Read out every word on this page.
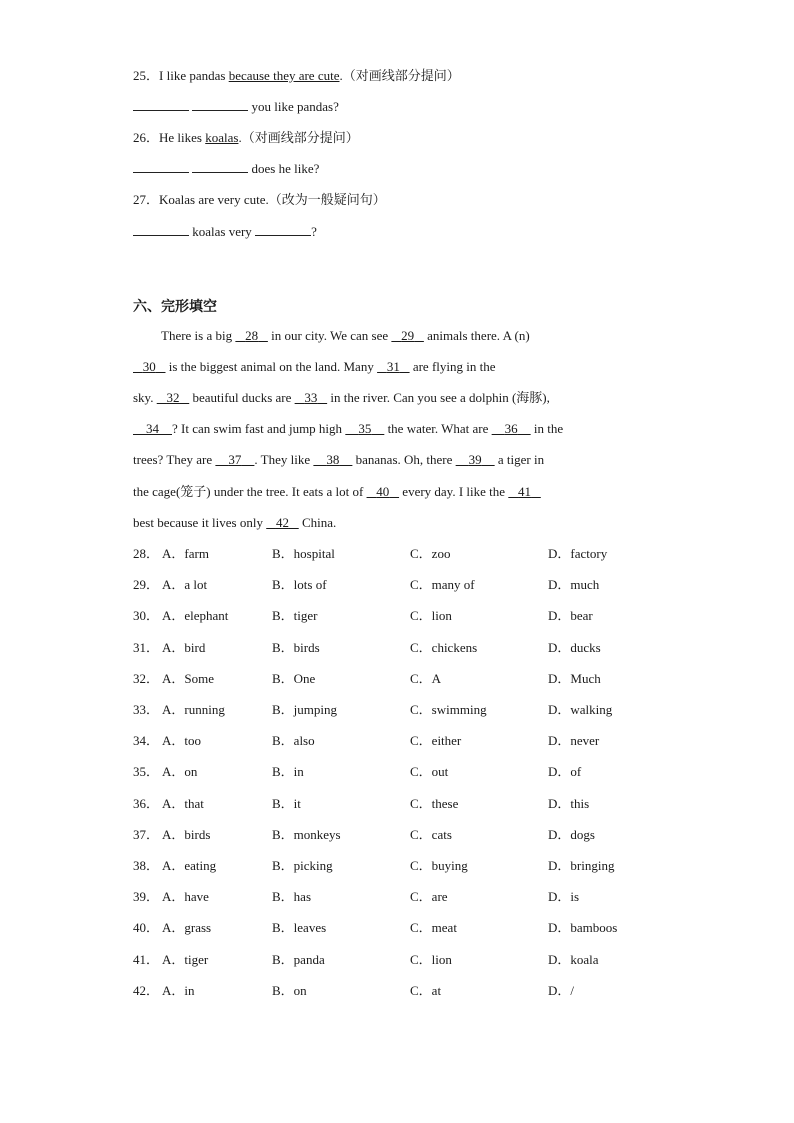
25．I like pandas because they are cute.（对画线部分提问）
you like pandas?
26．He likes koalas.（对画线部分提问）
does he like?
27．Koalas are very cute.（改为一般疑问句）
koalas very	?
六、完形填空
There is a big    28    in our city. We can see    29    animals there. A (n)
30    is the biggest animal on the land. Many    31    are flying in the
sky.    32    beautiful ducks are    33    in the river. Can you see a dolphin (海豚),
34 ? It can swim fast and jump high     35     the water. What are     36     in the
trees? They are     37 . They like     38     bananas. Oh, there     39     a tiger in
the cage(笼子) under the tree. It eats a lot of    40    every day. I like the    41
best because it lives only    42    China.
28． A．farm	B．hospital	C．zoo	D．factory
29． A．a lot	B．lots of	C．many of	D．much
30． A．elephant	B．tiger	C．lion	D．bear
31． A．bird	B．birds	C．chickens	D．ducks
32． A．Some	B．One	C．A	D．Much
33． A．running	B．jumping	C．swimming	D．walking
34． A．too	B．also	C．either	D．never
35． A．on	B．in	C．out	D．of
36． A．that	B．it	C．these	D．this
37． A．birds	B．monkeys	C．cats	D．dogs
38． A．eating	B．picking	C．buying	D．bringing
39． A．have	B．has	C．are	D．is
40． A．grass	B．leaves	C．meat	D．bamboos
41． A．tiger	B．panda	C．lion	D．koala
42． A．in	B．on	C．at	D．/
